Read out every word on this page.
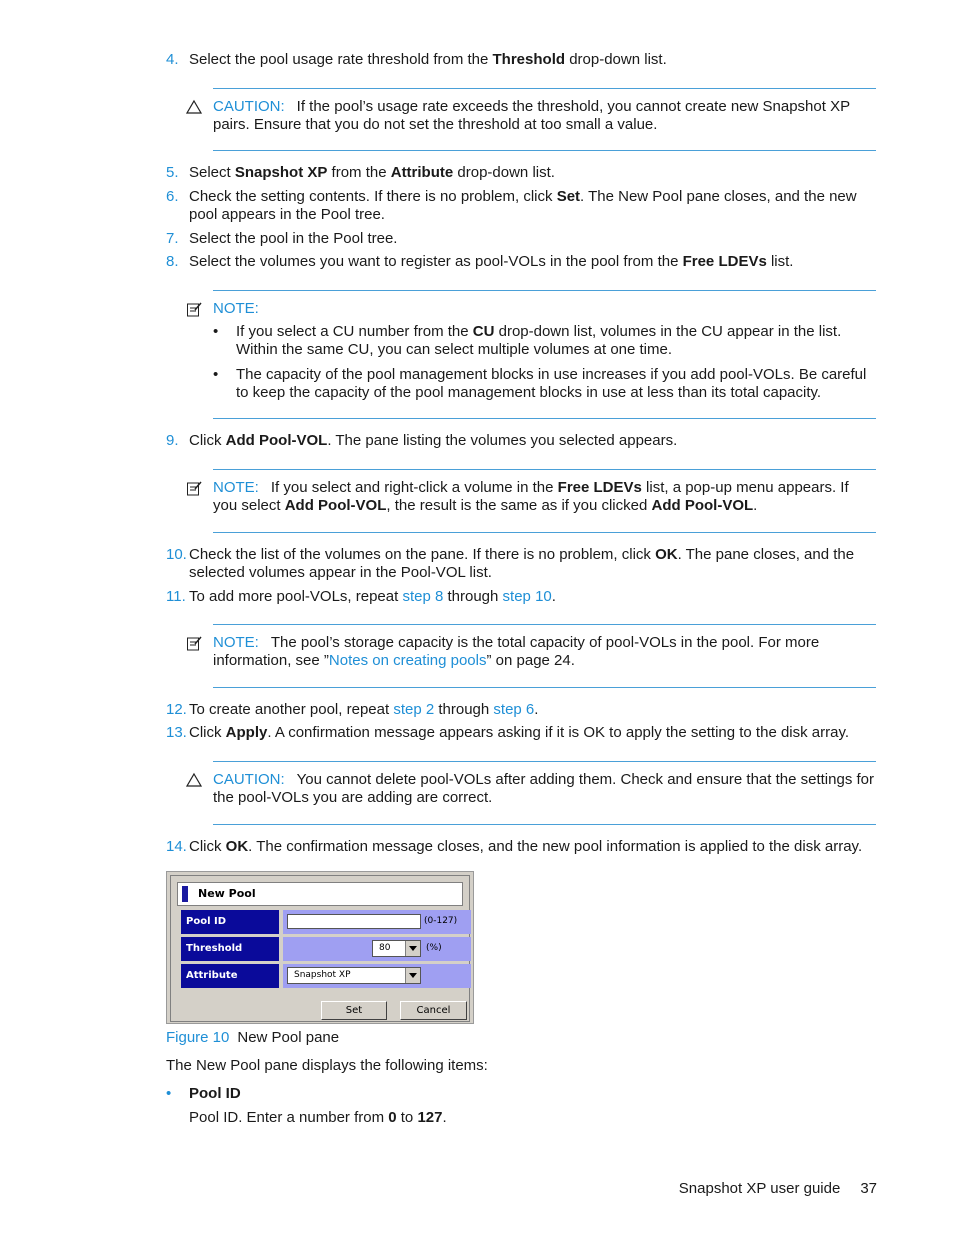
4. Select the pool usage rate threshold from the Threshold drop-down list.
CAUTION: If the pool’s usage rate exceeds the threshold, you cannot create new Snapshot XP pairs. Ensure that you do not set the threshold at too small a value.
5. Select Snapshot XP from the Attribute drop-down list.
6. Check the setting contents. If there is no problem, click Set. The New Pool pane closes, and the new pool appears in the Pool tree.
7. Select the pool in the Pool tree.
8. Select the volumes you want to register as pool-VOLs in the pool from the Free LDEVs list.
NOTE:
• If you select a CU number from the CU drop-down list, volumes in the CU appear in the list. Within the same CU, you can select multiple volumes at one time.
• The capacity of the pool management blocks in use increases if you add pool-VOLs. Be careful to keep the capacity of the pool management blocks in use at less than its total capacity.
9. Click Add Pool-VOL. The pane listing the volumes you selected appears.
NOTE: If you select and right-click a volume in the Free LDEVs list, a pop-up menu appears. If you select Add Pool-VOL, the result is the same as if you clicked Add Pool-VOL.
10. Check the list of the volumes on the pane. If there is no problem, click OK. The pane closes, and the selected volumes appear in the Pool-VOL list.
11. To add more pool-VOLs, repeat step 8 through step 10.
NOTE: The pool’s storage capacity is the total capacity of pool-VOLs in the pool. For more information, see ”Notes on creating pools” on page 24.
12. To create another pool, repeat step 2 through step 6.
13. Click Apply. A confirmation message appears asking if it is OK to apply the setting to the disk array.
CAUTION: You cannot delete pool-VOLs after adding them. Check and ensure that the settings for the pool-VOLs you are adding are correct.
14. Click OK. The confirmation message closes, and the new pool information is applied to the disk array.
New Pool
Pool ID	(0-127)
Threshold	80	(%)
Attribute	Snapshot XP
Set	Cancel
Figure 10 New Pool pane
The New Pool pane displays the following items:
• Pool ID
Pool ID. Enter a number from 0 to 127.
Snapshot XP user guide 37
